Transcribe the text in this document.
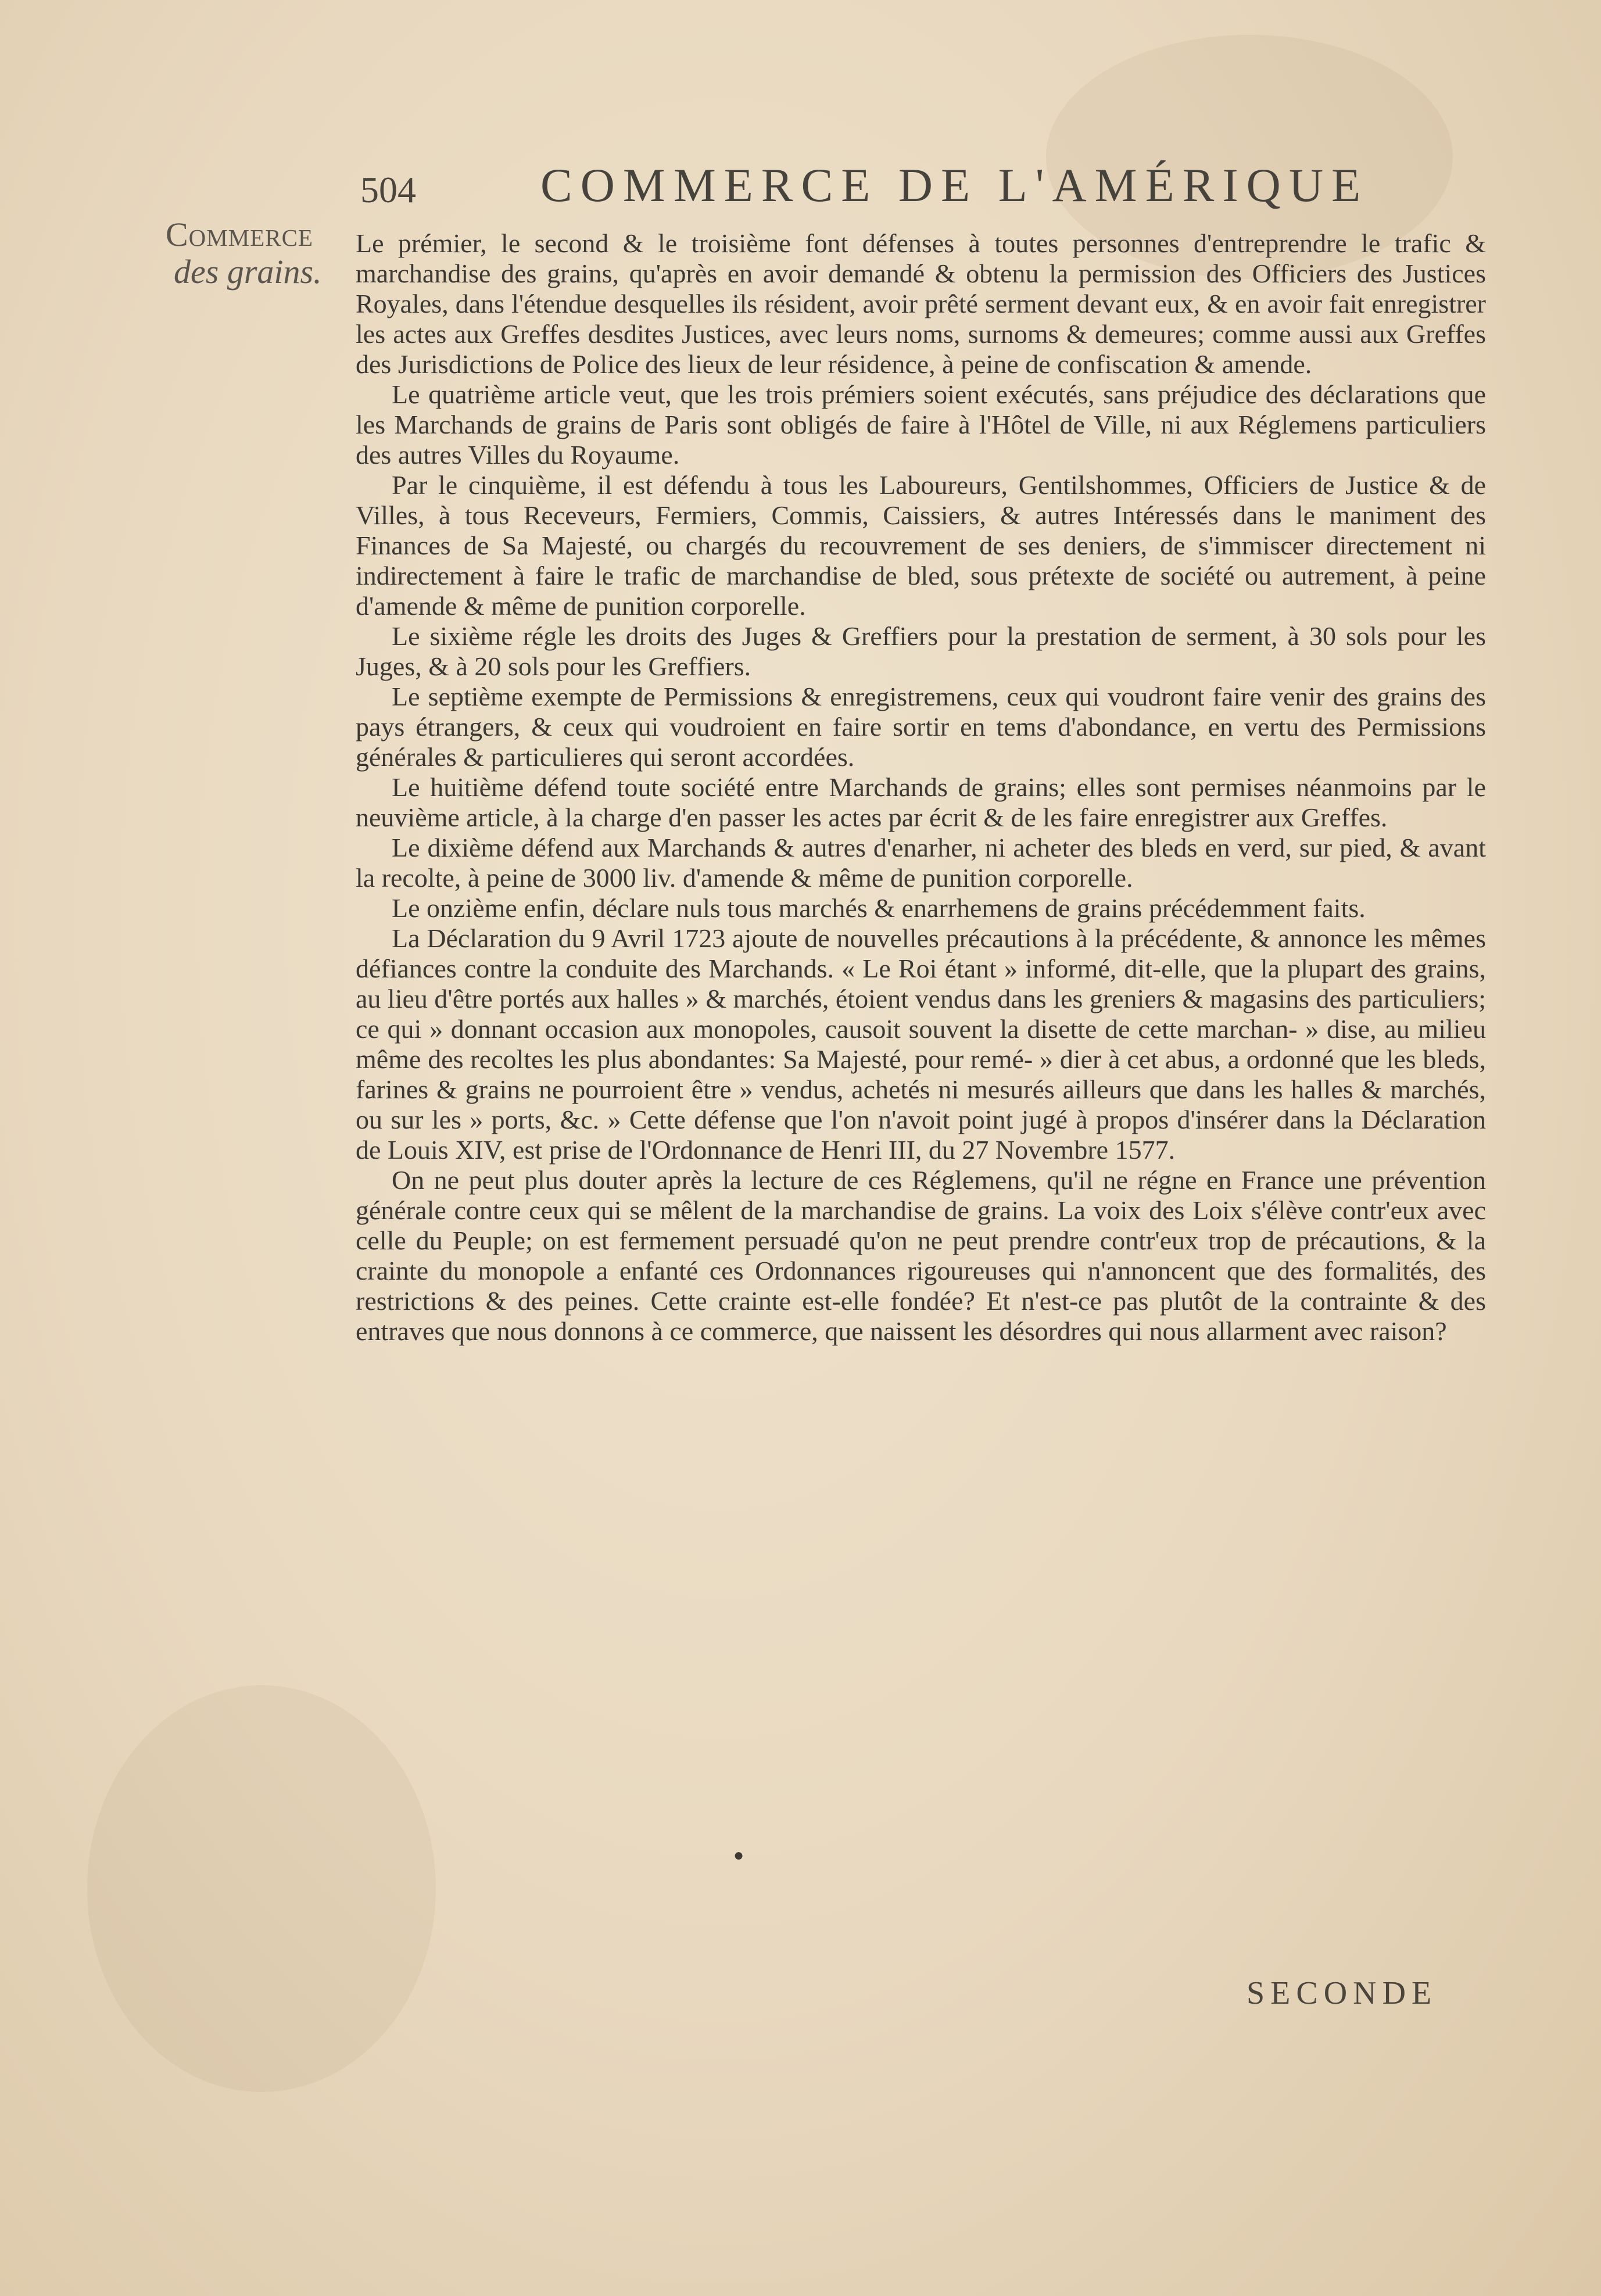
504	COMMERCE DE L'AMÉRIQUE
Commerce
des grains.

Le prémier, le second & le troisième font défenses à toutes personnes d'entreprendre le trafic & marchandise des grains, qu'après en avoir demandé & obtenu la permission des Officiers des Justices Royales, dans l'étendue desquelles ils résident, avoir prêté serment devant eux, & en avoir fait enregistrer les actes aux Greffes desdites Justices, avec leurs noms, surnoms & demeures; comme aussi aux Greffes des Jurisdictions de Police des lieux de leur résidence, à peine de confiscation & amende.

Le quatrième article veut, que les trois prémiers soient exécutés, sans préjudice des déclarations que les Marchands de grains de Paris sont obligés de faire à l'Hôtel de Ville, ni aux Réglemens particuliers des autres Villes du Royaume.

Par le cinquième, il est défendu à tous les Laboureurs, Gentilshommes, Officiers de Justice & de Villes, à tous Receveurs, Fermiers, Commis, Caissiers, & autres Intéressés dans le maniment des Finances de Sa Majesté, ou chargés du recouvrement de ses deniers, de s'immiscer directement ni indirectement à faire le trafic de marchandise de bled, sous prétexte de société ou autrement, à peine d'amende & même de punition corporelle.

Le sixième régle les droits des Juges & Greffiers pour la prestation de serment, à 30 sols pour les Juges, & à 20 sols pour les Greffiers.

Le septième exempte de Permissions & enregistremens, ceux qui voudront faire venir des grains des pays étrangers, & ceux qui voudroient en faire sortir en tems d'abondance, en vertu des Permissions générales & particulieres qui seront accordées.

Le huitième défend toute société entre Marchands de grains; elles sont permises néanmoins par le neuvième article, à la charge d'en passer les actes par écrit & de les faire enregistrer aux Greffes.

Le dixième défend aux Marchands & autres d'enarher, ni acheter des bleds en verd, sur pied, & avant la recolte, à peine de 3000 liv. d'amende & même de punition corporelle.

Le onzième enfin, déclare nuls tous marchés & enarrhemens de grains précédemment faits.

La Déclaration du 9 Avril 1723 ajoute de nouvelles précautions à la précédente, & annonce les mêmes défiances contre la conduite des Marchands. « Le Roi étant » informé, dit-elle, que la plupart des grains, au lieu d'être portés aux halles » & marchés, étoient vendus dans les greniers & magasins des particuliers; ce qui » donnant occasion aux monopoles, causoit souvent la disette de cette marchan- » dise, au milieu même des recoltes les plus abondantes: Sa Majesté, pour remé- » dier à cet abus, a ordonné que les bleds, farines & grains ne pourroient être » vendus, achetés ni mesurés ailleurs que dans les halles & marchés, ou sur les » ports, &c. » Cette défense que l'on n'avoit point jugé à propos d'insérer dans la Déclaration de Louis XIV, est prise de l'Ordonnance de Henri III, du 27 Novembre 1577.

On ne peut plus douter après la lecture de ces Réglemens, qu'il ne régne en France une prévention générale contre ceux qui se mêlent de la marchandise de grains. La voix des Loix s'élève contr'eux avec celle du Peuple; on est fermement persuadé qu'on ne peut prendre contr'eux trop de précautions, & la crainte du monopole a enfanté ces Ordonnances rigoureuses qui n'annoncent que des formalités, des restrictions & des peines. Cette crainte est-elle fondée? Et n'est-ce pas plutôt de la contrainte & des entraves que nous donnons à ce commerce, que naissent les désordres qui nous allarment avec raison?

●
SECONDE
